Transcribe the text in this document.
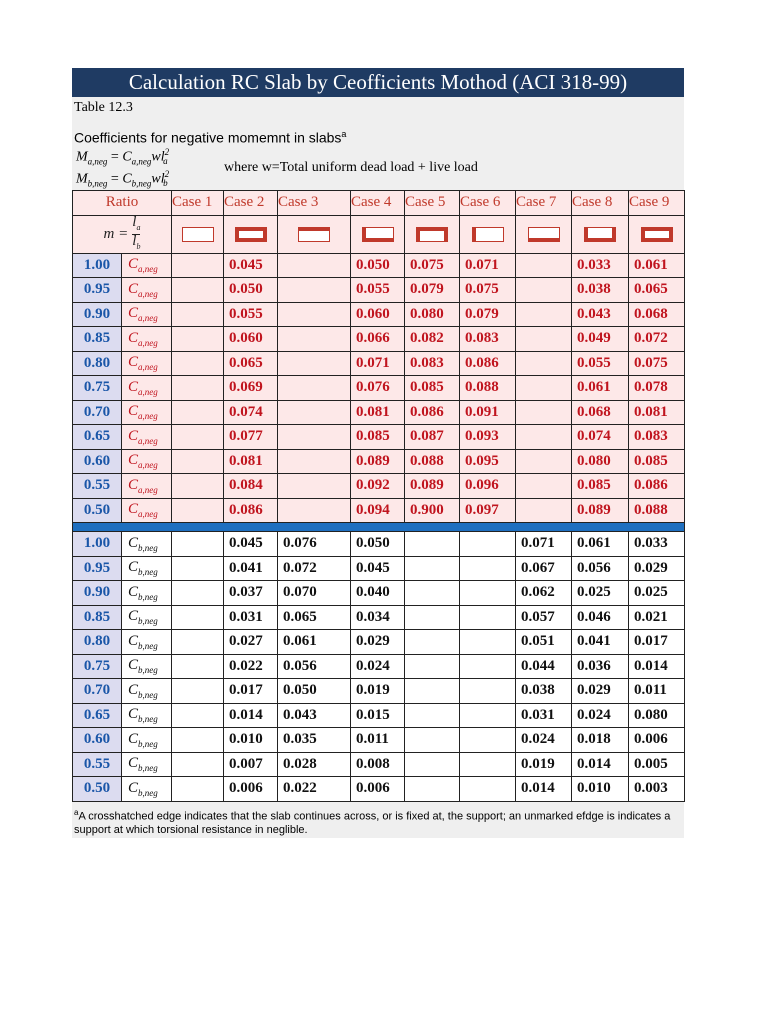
Calculation RC Slab by Ceofficients Mothod (ACI 318-99)
Table 12.3
Coefficients for negative momemnt in slabs$^a$
$M_{a,neg} = C_{a,neg}wl^2_a$
$M_{b,neg} = C_{b,neg}wl^2_b$
where w=Total uniform dead load + live load
Ratio		Case 1	Case 2	Case 3	Case 4	Case 5	Case 6	Case 7	Case 8	Case 9

$m = \frac{l_a}{l_b}$

1.00	$C_{a,neg}$		0.045		0.050	0.075	0.071		0.033	0.061
0.95	$C_{a,neg}$		0.050		0.055	0.079	0.075		0.038	0.065
0.90	$C_{a,neg}$		0.055		0.060	0.080	0.079		0.043	0.068
0.85	$C_{a,neg}$		0.060		0.066	0.082	0.083		0.049	0.072
0.80	$C_{a,neg}$		0.065		0.071	0.083	0.086		0.055	0.075
0.75	$C_{a,neg}$		0.069		0.076	0.085	0.088		0.061	0.078
0.70	$C_{a,neg}$		0.074		0.081	0.086	0.091		0.068	0.081
0.65	$C_{a,neg}$		0.077		0.085	0.087	0.093		0.074	0.083
0.60	$C_{a,neg}$		0.081		0.089	0.088	0.095		0.080	0.085
0.55	$C_{a,neg}$		0.084		0.092	0.089	0.096		0.085	0.086
0.50	$C_{a,neg}$		0.086		0.094	0.900	0.097		0.089	0.088

1.00	$C_{b,neg}$		0.045	0.076	0.050			0.071	0.061	0.033
0.95	$C_{b,neg}$		0.041	0.072	0.045			0.067	0.056	0.029
0.90	$C_{b,neg}$		0.037	0.070	0.040			0.062	0.025	0.025
0.85	$C_{b,neg}$		0.031	0.065	0.034			0.057	0.046	0.021
0.80	$C_{b,neg}$		0.027	0.061	0.029			0.051	0.041	0.017
0.75	$C_{b,neg}$		0.022	0.056	0.024			0.044	0.036	0.014
0.70	$C_{b,neg}$		0.017	0.050	0.019			0.038	0.029	0.011
0.65	$C_{b,neg}$		0.014	0.043	0.015			0.031	0.024	0.080
0.60	$C_{b,neg}$		0.010	0.035	0.011			0.024	0.018	0.006
0.55	$C_{b,neg}$		0.007	0.028	0.008			0.019	0.014	0.005
0.50	$C_{b,neg}$		0.006	0.022	0.006			0.014	0.010	0.003
$^a$A crosshatched edge indicates that the slab continues across, or is fixed at, the support; an unmarked efdge is indicates a support at which torsional resistance in neglible.
